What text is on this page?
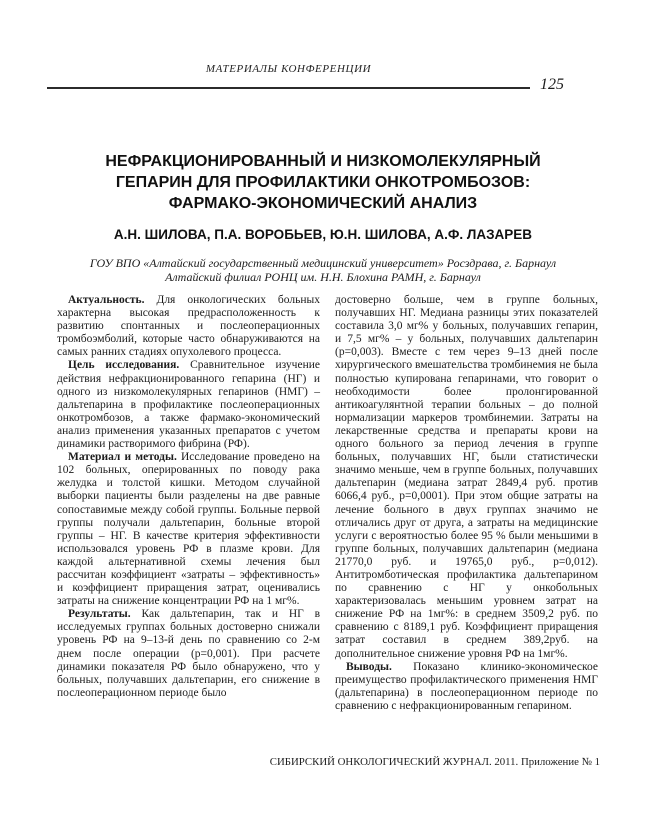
МАТЕРИАЛЫ КОНФЕРЕНЦИИ
125
НЕФРАКЦИОНИРОВАННЫЙ И НИЗКОМОЛЕКУЛЯРНЫЙ
ГЕПАРИН ДЛЯ ПРОФИЛАКТИКИ ОНКОТРОМБОЗОВ:
ФАРМАКО-ЭКОНОМИЧЕСКИЙ АНАЛИЗ
А.Н. ШИЛОВА, П.А. ВОРОБЬЕВ, Ю.Н. ШИЛОВА, А.Ф. ЛАЗАРЕВ
ГОУ ВПО «Алтайский государственный медицинский университет» Росздрава, г. Барнаул
Алтайский филиал РОНЦ им. Н.Н. Блохина РАМН, г. Барнаул

Актуальность. Для онкологических больных характерна высокая предрасположенность к развитию спонтанных и послеоперационных тромбоэмболий, которые часто обнаруживаются на самых ранних стадиях опухолевого процесса.

Цель исследования. Сравнительное изучение действия нефракционированного гепарина (НГ) и одного из низкомолекулярных гепаринов (НМГ) – дальтепарина в профилактике послеоперационных онкотромбозов, а также фармако-экономический анализ применения указанных препаратов с учетом динамики растворимого фибрина (РФ).

Материал и методы. Исследование проведено на 102 больных, оперированных по поводу рака желудка и толстой кишки. Методом случайной выборки пациенты были разделены на две равные сопоставимые между собой группы. Больные первой группы получали дальтепарин, больные второй группы – НГ. В качестве критерия эффективности использовался уровень РФ в плазме крови. Для каждой альтернативной схемы лечения был рассчитан коэффициент «затраты – эффективность» и коэффициент приращения затрат, оценивались затраты на снижение концентрации РФ на 1 мг%.

Результаты. Как дальтепарин, так и НГ в исследуемых группах больных достоверно снижали уровень РФ на 9–13-й день по сравнению со 2-м днем после операции (p=0,001). При расчете динамики показателя РФ было обнаружено, что у больных, получавших дальтепарин, его снижение в послеоперационном периоде было

достоверно больше, чем в группе больных, получавших НГ. Медиана разницы этих показателей составила 3,0 мг% у больных, получавших гепарин, и 7,5 мг% – у больных, получавших дальтепарин (p=0,003). Вместе с тем через 9–13 дней после хирургического вмешательства тромбинемия не была полностью купирована гепаринами, что говорит о необходимости более пролонгированной антикоагулянтной терапии больных – до полной нормализации маркеров тромбинемии. Затраты на лекарственные средства и препараты крови на одного больного за период лечения в группе больных, получавших НГ, были статистически значимо меньше, чем в группе больных, получавших дальтепарин (медиана затрат 2849,4 руб. против 6066,4 руб., p=0,0001). При этом общие затраты на лечение больного в двух группах значимо не отличались друг от друга, а затраты на медицинские услуги с вероятностью более 95 % были меньшими в группе больных, получавших дальтепарин (медиана 21770,0 руб. и 19765,0 руб., p=0,012). Антитромботическая профилактика дальтепарином по сравнению с НГ у онкобольных характеризовалась меньшим уровнем затрат на снижение РФ на 1мг%: в среднем 3509,2 руб. по сравнению с 8189,1 руб. Коэффициент приращения затрат составил в среднем 389,2руб. на дополнительное снижение уровня РФ на 1мг%.

Выводы. Показано клинико-экономическое преимущество профилактического применения НМГ (дальтепарина) в послеоперационном периоде по сравнению с нефракционированным гепарином.

СИБИРСКИЙ ОНКОЛОГИЧЕСКИЙ ЖУРНАЛ. 2011. Приложение № 1
